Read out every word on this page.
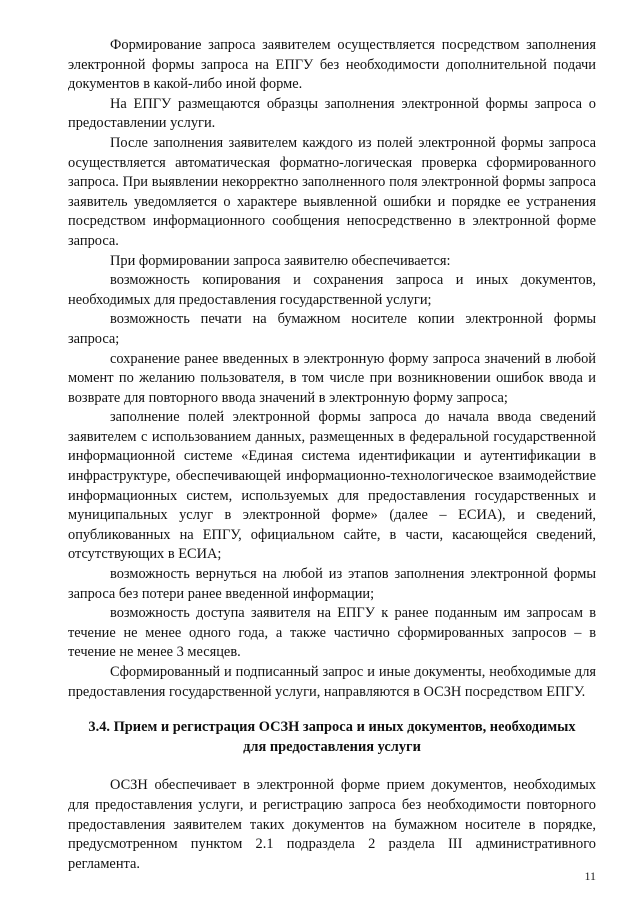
Формирование запроса заявителем осуществляется посредством заполнения электронной формы запроса на ЕПГУ без необходимости дополнительной подачи документов в какой-либо иной форме.

На ЕПГУ размещаются образцы заполнения электронной формы запроса о предоставлении услуги.

После заполнения заявителем каждого из полей электронной формы запроса осуществляется автоматическая форматно-логическая проверка сформированного запроса. При выявлении некорректно заполненного поля электронной формы запроса заявитель уведомляется о характере выявленной ошибки и порядке ее устранения посредством информационного сообщения непосредственно в электронной форме запроса.

При формировании запроса заявителю обеспечивается:

возможность копирования и сохранения запроса и иных документов, необходимых для предоставления государственной услуги;

возможность печати на бумажном носителе копии электронной формы запроса;

сохранение ранее введенных в электронную форму запроса значений в любой момент по желанию пользователя, в том числе при возникновении ошибок ввода и возврате для повторного ввода значений в электронную форму запроса;

заполнение полей электронной формы запроса до начала ввода сведений заявителем с использованием данных, размещенных в федеральной государственной информационной системе «Единая система идентификации и аутентификации в инфраструктуре, обеспечивающей информационно-технологическое взаимодействие информационных систем, используемых для предоставления государственных и муниципальных услуг в электронной форме» (далее – ЕСИА), и сведений, опубликованных на ЕПГУ, официальном сайте, в части, касающейся сведений, отсутствующих в ЕСИА;

возможность вернуться на любой из этапов заполнения электронной формы запроса без потери ранее введенной информации;

возможность доступа заявителя на ЕПГУ к ранее поданным им запросам в течение не менее одного года, а также частично сформированных запросов – в течение не менее 3 месяцев.

Сформированный и подписанный запрос и иные документы, необходимые для предоставления государственной услуги, направляются в ОСЗН посредством ЕПГУ.

3.4. Прием и регистрация ОСЗН запроса и иных документов, необходимых
для предоставления услуги

ОСЗН обеспечивает в электронной форме прием документов, необходимых для предоставления услуги, и регистрацию запроса без необходимости повторного предоставления заявителем таких документов на бумажном носителе в порядке, предусмотренном пунктом 2.1 подраздела 2 раздела III административного регламента.

11
